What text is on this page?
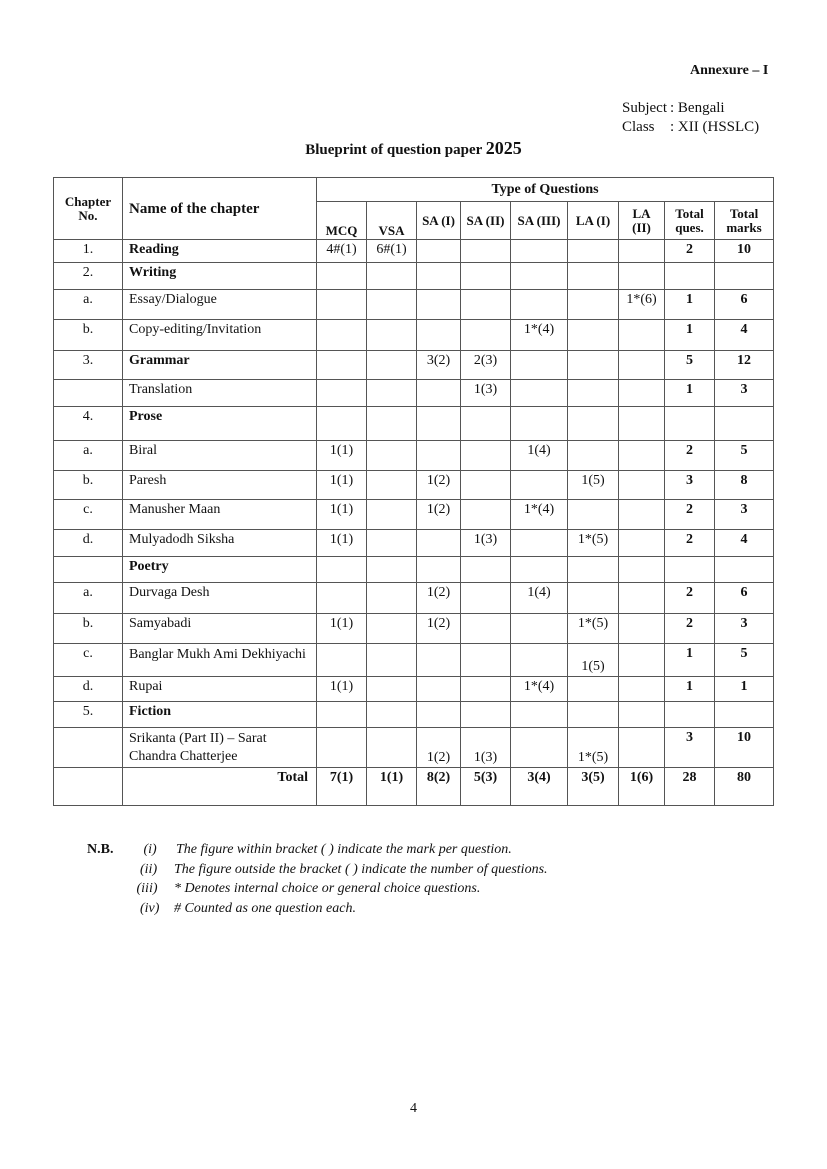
Annexure – I
Subject : Bengali
Class : XII (HSSLC)
Blueprint of question paper 2025
Chapter No.	Name of the chapter	Type of Questions								
		MCQ	VSA	SA (I)	SA (II)	SA (III)	LA (I)	LA (II)	Total ques.	Total marks
1.	Reading	4#(1)	6#(1)						2	10
2.	Writing									
a.	Essay/Dialogue							1*(6)	1	6
b.	Copy-editing/Invitation					1*(4)			1	4
3.	Grammar			3(2)	2(3)				5	12
	Translation				1(3)				1	3
4.	Prose									
a.	Biral	1(1)				1(4)			2	5
b.	Paresh	1(1)		1(2)			1(5)		3	8
c.	Manusher Maan	1(1)		1(2)		1*(4)			2	3
d.	Mulyadodh Siksha	1(1)			1(3)		1*(5)		2	4
	Poetry									
a.	Durvaga Desh			1(2)		1(4)			2	6
b.	Samyabadi	1(1)		1(2)			1*(5)		2	3
c.	Banglar Mukh Ami Dekhiyachi						1(5)		1	5
d.	Rupai	1(1)				1*(4)			1	1
5.	Fiction									
	Srikanta (Part II) – Sarat Chandra Chatterjee			1(2)	1(3)		1*(5)		3	10
	Total	7(1)	1(1)	8(2)	5(3)	3(4)	3(5)	1(6)	28	80
N.B. (i) The figure within bracket ( ) indicate the mark per question.
(ii) The figure outside the bracket ( ) indicate the number of questions.
(iii) * Denotes internal choice or general choice questions.
(iv) # Counted as one question each.
4
